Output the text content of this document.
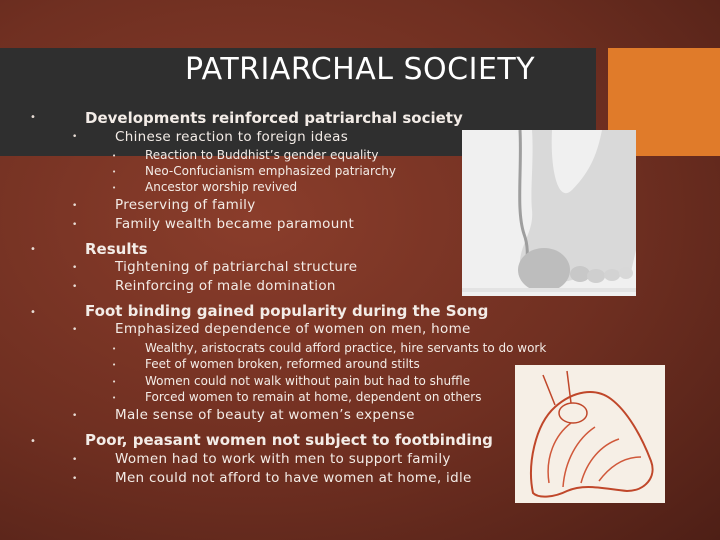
PATRIARCHAL SOCIETY
•	Developments reinforced patriarchal society
•	Chinese reaction to foreign ideas
• Reaction to Buddhist’s gender equality
• Neo-Confucianism emphasized patriarchy
• Ancestor worship revived
•	Preserving of family
•	Family wealth became paramount
•	Results
•	Tightening of patriarchal structure
•	Reinforcing of male domination
•	Foot binding gained popularity during the Song
•	Emphasized dependence of women on men, home
• Wealthy, aristocrats could afford practice, hire servants to do work
• Feet of women broken, reformed around stilts
• Women could not walk without pain but had to shuffle
• Forced women to remain at home, dependent on others
•	Male sense of beauty at women’s expense
•	Poor, peasant women not subject to footbinding
•	Women had to work with men to support family
•	Men could not afford to have women at home, idle
